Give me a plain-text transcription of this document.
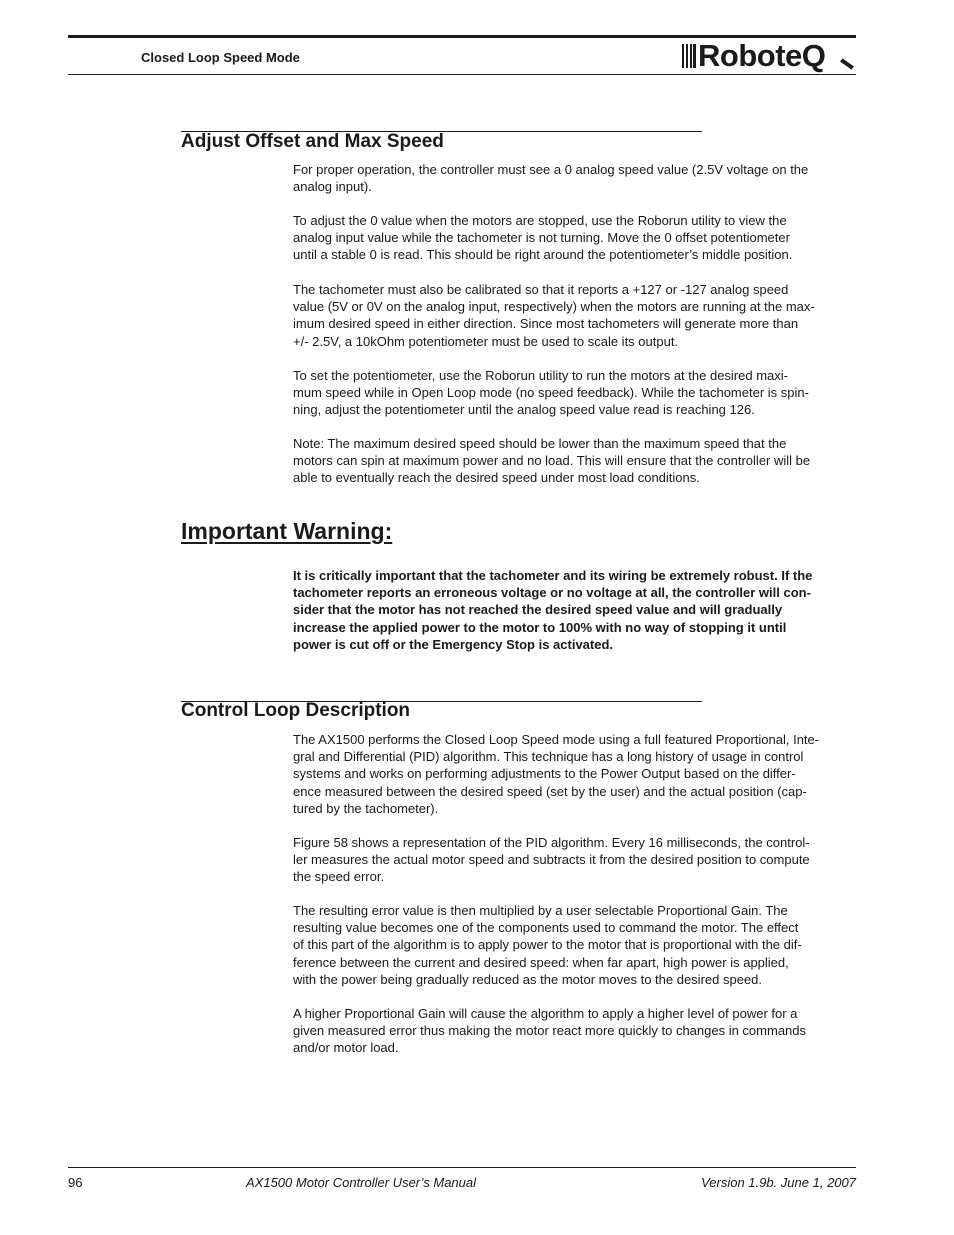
Closed Loop Speed Mode	RoboteQ
Adjust Offset and Max Speed

For proper operation, the controller must see a 0 analog speed value (2.5V voltage on the
analog input).

To adjust the 0 value when the motors are stopped, use the Roborun utility to view the
analog input value while the tachometer is not turning. Move the 0 offset potentiometer
until a stable 0 is read. This should be right around the potentiometer’s middle position.

The tachometer must also be calibrated so that it reports a +127 or -127 analog speed
value (5V or 0V on the analog input, respectively) when the motors are running at the max-
imum desired speed in either direction. Since most tachometers will generate more than
+/- 2.5V, a 10kOhm potentiometer must be used to scale its output.

To set the potentiometer, use the Roborun utility to run the motors at the desired maxi-
mum speed while in Open Loop mode (no speed feedback). While the tachometer is spin-
ning, adjust the potentiometer until the analog speed value read is reaching 126.

Note: The maximum desired speed should be lower than the maximum speed that the
motors can spin at maximum power and no load. This will ensure that the controller will be
able to eventually reach the desired speed under most load conditions.

Important Warning:

It is critically important that the tachometer and its wiring be extremely robust. If the
tachometer reports an erroneous voltage or no voltage at all, the controller will con-
sider that the motor has not reached the desired speed value and will gradually
increase the applied power to the motor to 100% with no way of stopping it until
power is cut off or the Emergency Stop is activated.

Control Loop Description

The AX1500 performs the Closed Loop Speed mode using a full featured Proportional, Inte-
gral and Differential (PID) algorithm. This technique has a long history of usage in control
systems and works on performing adjustments to the Power Output based on the differ-
ence measured between the desired speed (set by the user) and the actual position (cap-
tured by the tachometer).

Figure 58 shows a representation of the PID algorithm. Every 16 milliseconds, the control-
ler measures the actual motor speed and subtracts it from the desired position to compute
the speed error.

The resulting error value is then multiplied by a user selectable Proportional Gain. The
resulting value becomes one of the components used to command the motor. The effect
of this part of the algorithm is to apply power to the motor that is proportional with the dif-
ference between the current and desired speed: when far apart, high power is applied,
with the power being gradually reduced as the motor moves to the desired speed.

A higher Proportional Gain will cause the algorithm to apply a higher level of power for a
given measured error thus making the motor react more quickly to changes in commands
and/or motor load.

96	AX1500 Motor Controller User’s Manual	Version 1.9b. June 1, 2007
